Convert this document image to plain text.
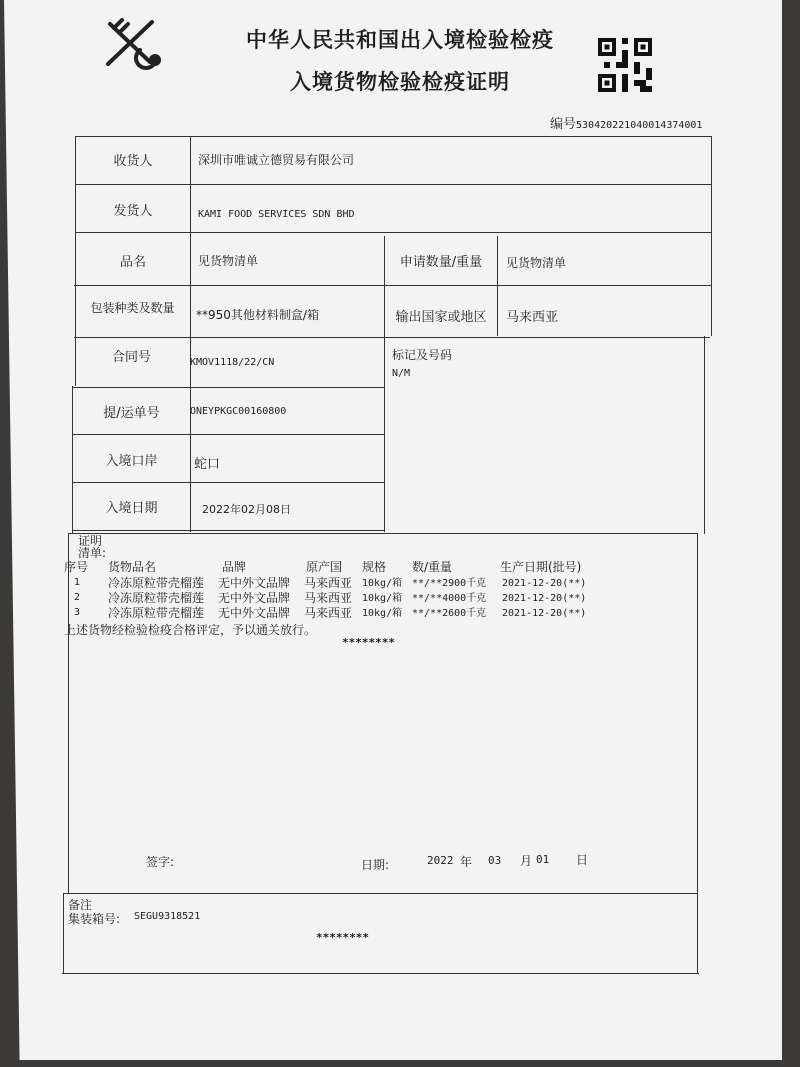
中华人民共和国出入境检验检疫
入境货物检验检疫证明
编号530420221040014374001
收货人	深圳市唯诚立德贸易有限公司
发货人	KAMI FOOD SERVICES SDN BHD
品名	见货物清单	申请数量/重量	见货物清单
包装种类及数量	**950其他材料制盒/箱	输出国家或地区	马来西亚
合同号	KMOV1118/22/CN
标记及号码
N/M
提/运单号	ONEYPKGC00160800
入境口岸	蛇口
入境日期	2022年02月08日
证明
清单:
序号 货物品名	品牌	原产国 规格 数/重量	生产日期(批号)
1 冷冻原粒带壳榴莲 无中外文品牌 马来西亚 10kg/箱 **/**2900千克 2021-12-20(**)
2 冷冻原粒带壳榴莲 无中外文品牌 马来西亚 10kg/箱 **/**4000千克 2021-12-20(**)
3 冷冻原粒带壳榴莲 无中外文品牌 马来西亚 10kg/箱 **/**2600千克 2021-12-20(**)
上述货物经检验检疫合格评定，予以通关放行。
********
签字:	日期:	2022 年 03 月 01 日
备注
集装箱号: SEGU9318521
********
